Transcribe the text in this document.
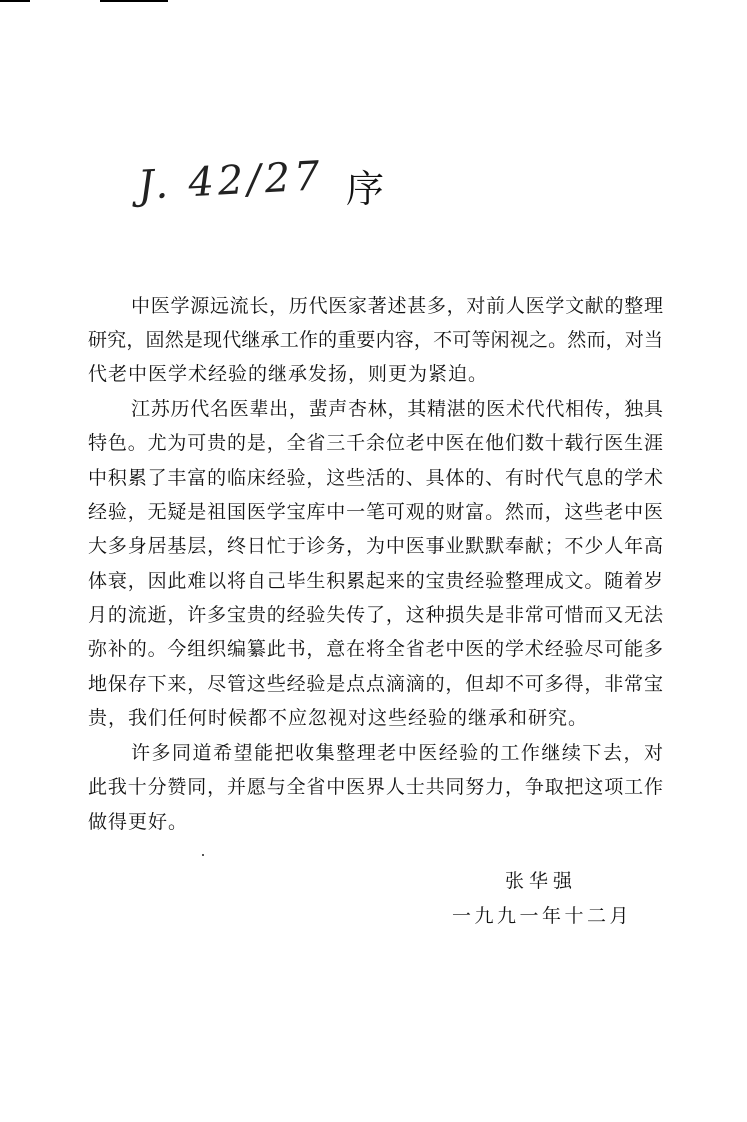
J. 42/27 序
中医学源远流长，历代医家著述甚多，对前人医学文献的整理
研究，固然是现代继承工作的重要内容，不可等闲视之。然而，对当
代老中医学术经验的继承发扬，则更为紧迫。
江苏历代名医辈出，蜚声杏林，其精湛的医术代代相传，独具
特色。尤为可贵的是，全省三千余位老中医在他们数十载行医生涯
中积累了丰富的临床经验，这些活的、具体的、有时代气息的学术
经验，无疑是祖国医学宝库中一笔可观的财富。然而，这些老中医
大多身居基层，终日忙于诊务，为中医事业默默奉献；不少人年高
体衰，因此难以将自己毕生积累起来的宝贵经验整理成文。随着岁
月的流逝，许多宝贵的经验失传了，这种损失是非常可惜而又无法
弥补的。今组织编纂此书，意在将全省老中医的学术经验尽可能多
地保存下来，尽管这些经验是点点滴滴的，但却不可多得，非常宝
贵，我们任何时候都不应忽视对这些经验的继承和研究。
许多同道希望能把收集整理老中医经验的工作继续下去，对
此我十分赞同，并愿与全省中医界人士共同努力，争取把这项工作
做得更好。
张华强
一九九一年十二月
